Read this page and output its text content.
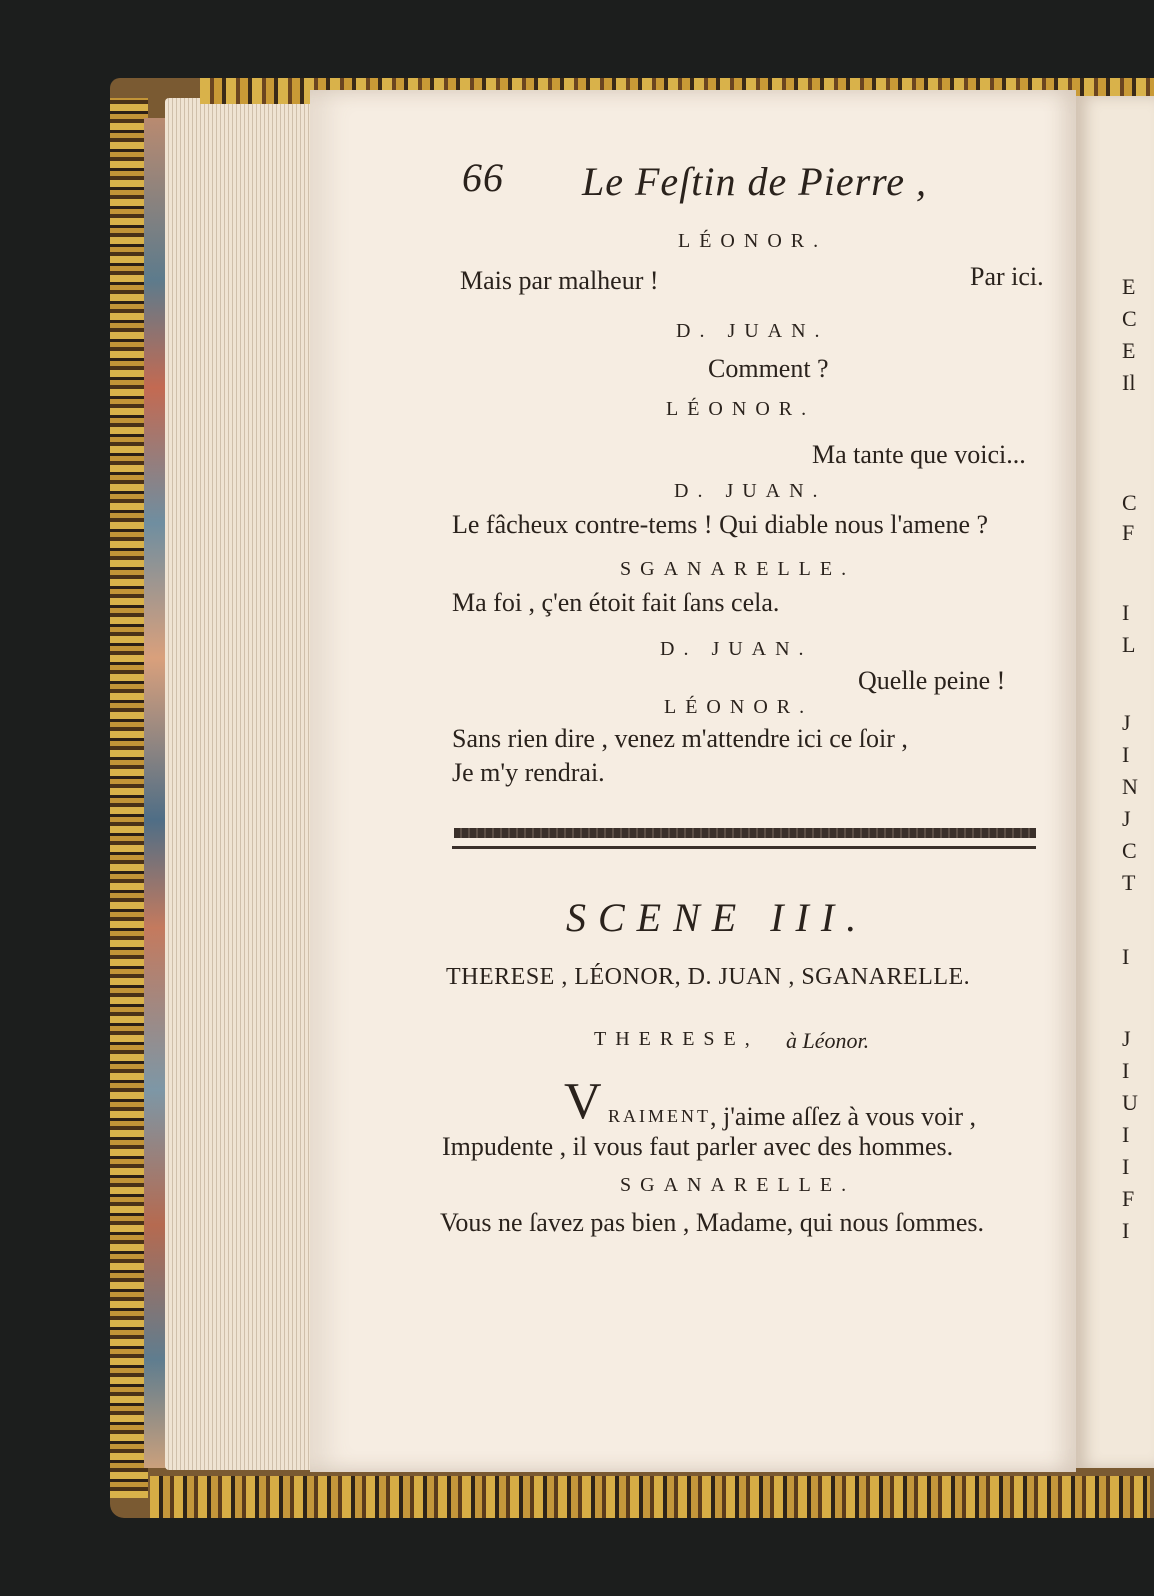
E
C
E
Il
C
F
I
L
J
I
N
J
C
T
I
J
I
U
I
I
F
I
66 Le Feſtin de Pierre ,
LÉONOR.
Mais par malheur !	Par ici.
D. JUAN.
Comment ?
LÉONOR.
Ma tante que voici...
D. JUAN.
Le fâcheux contre-tems ! Qui diable nous l'amene ?
SGANARELLE.
Ma foi , ç'en étoit fait ſans cela.
D. JUAN.
Quelle peine !
LÉONOR.
Sans rien dire , venez m'attendre ici ce ſoir ,
Je m'y rendrai.
SCENE III.
THERESE , LÉONOR, D. JUAN , SGANARELLE.
THERESE, à Léonor.
V RAIMENT , j'aime aſſez à vous voir ,
Impudente , il vous faut parler avec des hommes.
SGANARELLE.
Vous ne ſavez pas bien , Madame, qui nous ſommes.
